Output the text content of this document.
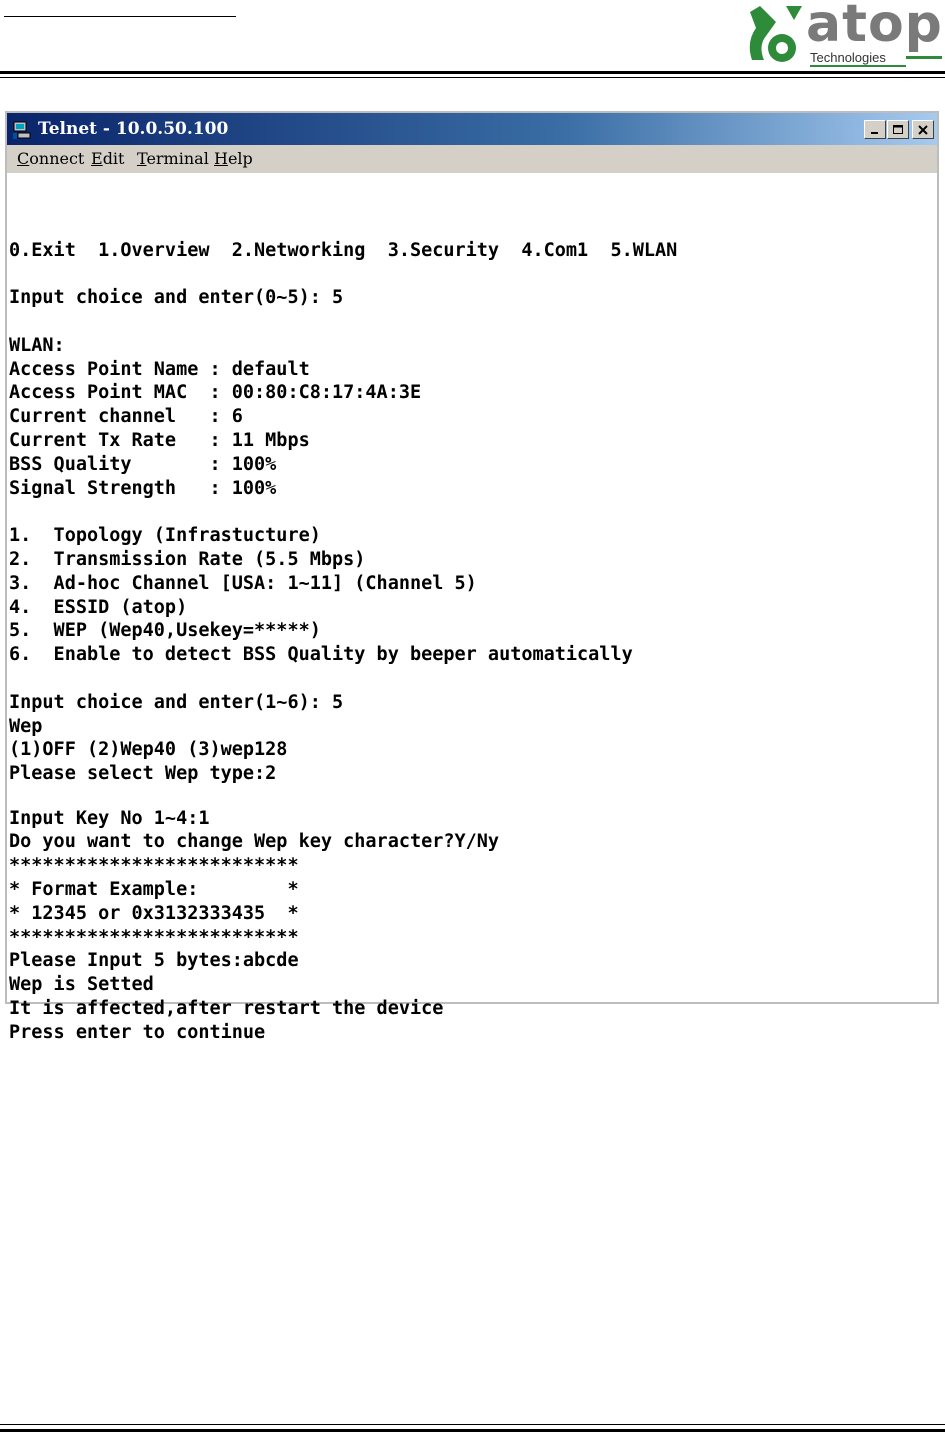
atop
Technologies
Telnet - 10.0.50.100
Connect Edit Terminal Help

0.Exit  1.Overview  2.Networking  3.Security  4.Com1  5.WLAN

Input choice and enter(0~5): 5

WLAN:
Access Point Name : default
Access Point MAC  : 00:80:C8:17:4A:3E
Current channel   : 6
Current Tx Rate   : 11 Mbps
BSS Quality       : 100%
Signal Strength   : 100%

1.  Topology (Infrastucture)
2.  Transmission Rate (5.5 Mbps)
3.  Ad-hoc Channel [USA: 1~11] (Channel 5)
4.  ESSID (atop)
5.  WEP (Wep40,Usekey=*****)
6.  Enable to detect BSS Quality by beeper automatically

Input choice and enter(1~6): 5
Wep
(1)OFF (2)Wep40 (3)wep128
Please select Wep type:2

Input Key No 1~4:1
Do you want to change Wep key character?Y/Ny
**************************
* Format Example:        *
* 12345 or 0x3132333435  *
**************************
Please Input 5 bytes:abcde
Wep is Setted
It is affected,after restart the device
Press enter to continue
